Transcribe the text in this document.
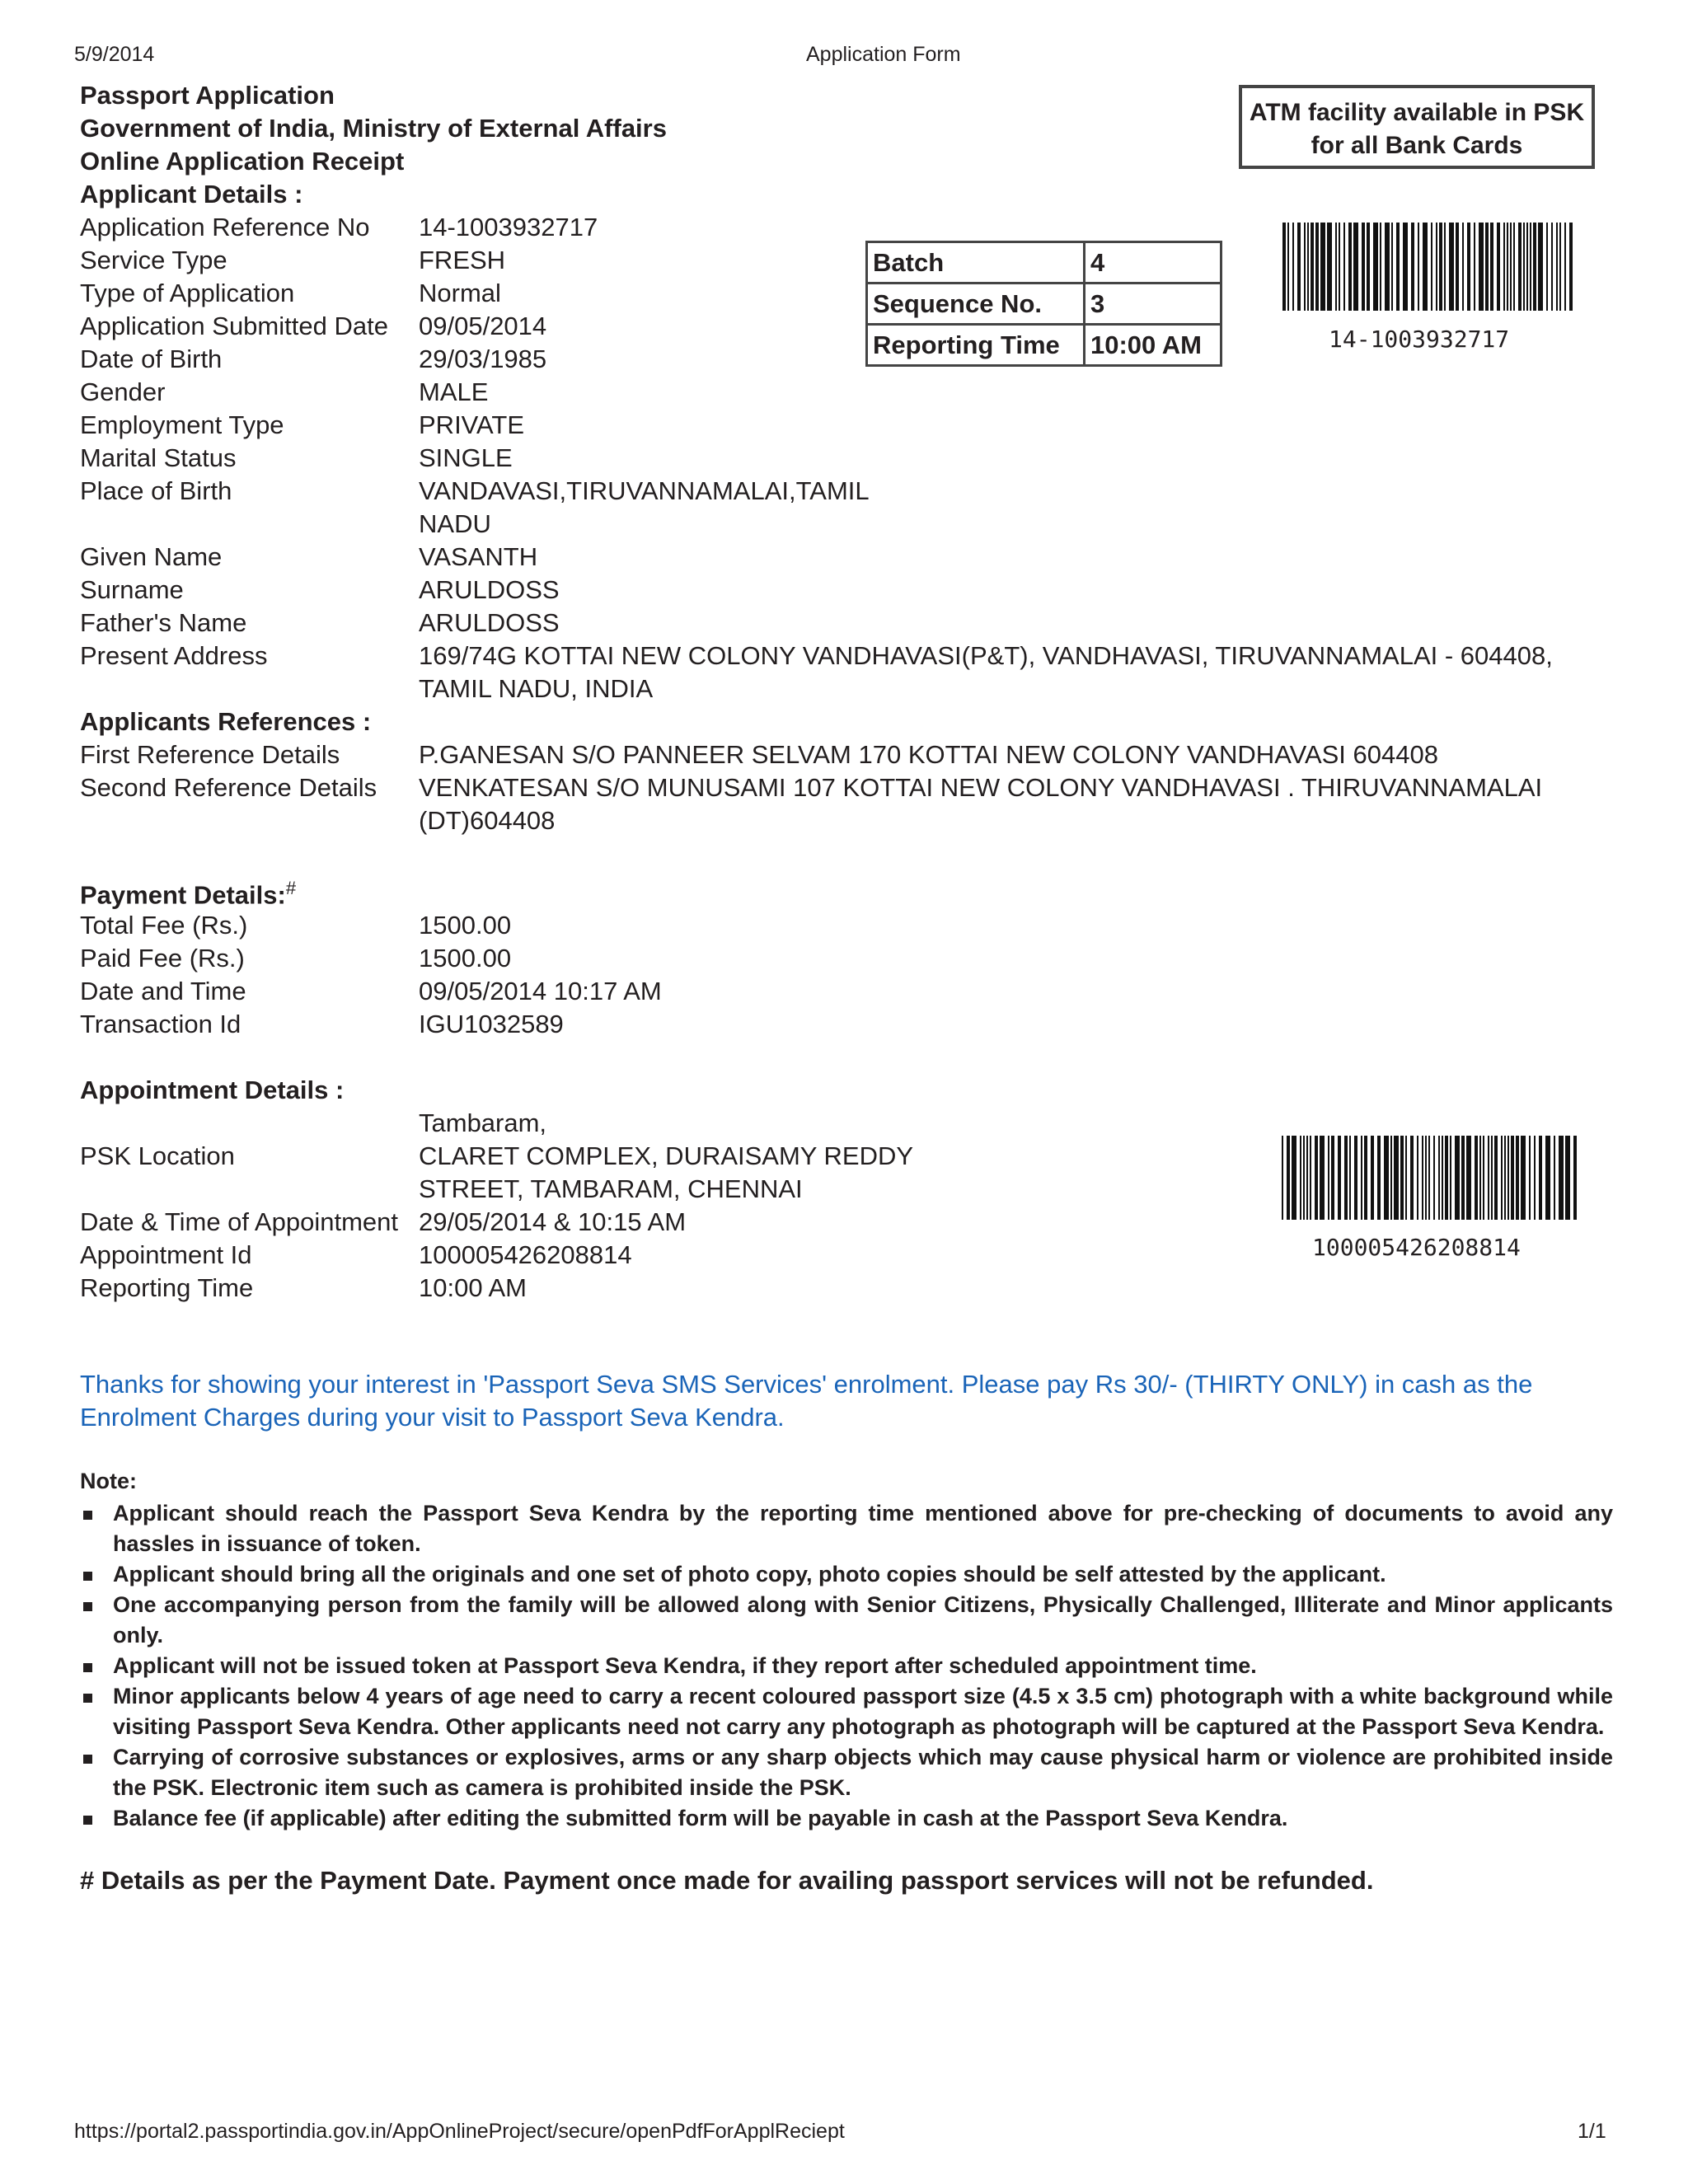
5/9/2014	Application Form
Passport Application
Government of India, Ministry of External Affairs
Online Application Receipt
ATM facility available in PSK
for all Bank Cards
Batch	4
Sequence No.	3
Reporting Time	10:00 AM	14-1003932717
Applicant Details :
Application Reference No 14-1003932717
Service Type	FRESH
Type of Application	Normal
Application Submitted Date 09/05/2014
Date of Birth	29/03/1985
Gender	MALE
Employment Type	PRIVATE
Marital Status	SINGLE
Place of Birth	VANDAVASI,TIRUVANNAMALAI,TAMIL
NADU
Given Name	VASANTH
Surname	ARULDOSS
Father's Name	ARULDOSS
Present Address	169/74G KOTTAI NEW COLONY VANDHAVASI(P&T), VANDHAVASI, TIRUVANNAMALAI - 604408,
TAMIL NADU, INDIA
Applicants References :
First Reference Details	P.GANESAN S/O PANNEER SELVAM 170 KOTTAI NEW COLONY VANDHAVASI 604408
Second Reference Details VENKATESAN S/O MUNUSAMI 107 KOTTAI NEW COLONY VANDHAVASI . THIRUVANNAMALAI
(DT)604408
Payment Details:#
Total Fee (Rs.)	1500.00
Paid Fee (Rs.)	1500.00
Date and Time	09/05/2014 10:17 AM
Transaction Id	IGU1032589
Appointment Details :
Tambaram,
PSK Location	CLARET COMPLEX, DURAISAMY REDDY
STREET, TAMBARAM, CHENNAI
Date & Time of Appointment 29/05/2014 & 10:15 AM
Appointment Id	100005426208814
Reporting Time	10:00 AM
100005426208814
Thanks for showing your interest in 'Passport Seva SMS Services' enrolment. Please pay Rs 30/- (THIRTY ONLY) in cash as the Enrolment Charges during your visit to Passport Seva Kendra.
Note:
Applicant should reach the Passport Seva Kendra by the reporting time mentioned above for pre-checking of documents to avoid any hassles in issuance of token.
Applicant should bring all the originals and one set of photo copy, photo copies should be self attested by the applicant.
One accompanying person from the family will be allowed along with Senior Citizens, Physically Challenged, Illiterate and Minor applicants only.
Applicant will not be issued token at Passport Seva Kendra, if they report after scheduled appointment time.
Minor applicants below 4 years of age need to carry a recent coloured passport size (4.5 x 3.5 cm) photograph with a white background while visiting Passport Seva Kendra. Other applicants need not carry any photograph as photograph will be captured at the Passport Seva Kendra.
Carrying of corrosive substances or explosives, arms or any sharp objects which may cause physical harm or violence are prohibited inside the PSK. Electronic item such as camera is prohibited inside the PSK.
Balance fee (if applicable) after editing the submitted form will be payable in cash at the Passport Seva Kendra.
# Details as per the Payment Date. Payment once made for availing passport services will not be refunded.
https://portal2.passportindia.gov.in/AppOnlineProject/secure/openPdfForApplReciept	1/1
